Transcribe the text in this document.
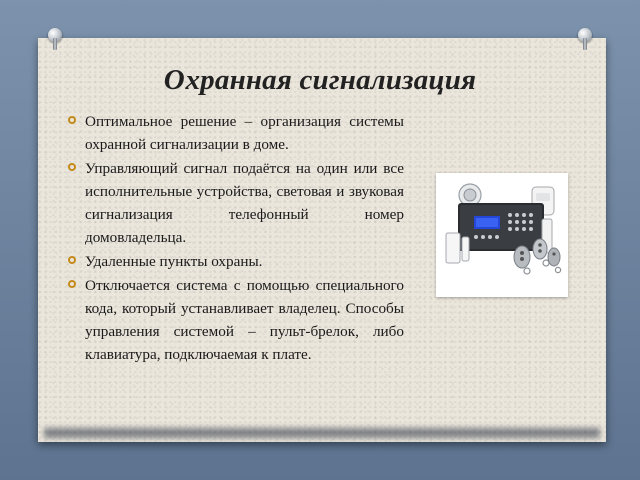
Охранная сигнализация
Оптимальное решение – организация системы охранной сигнализации в доме.
Управляющий сигнал подаётся на один или все исполнительные устройства, световая и звуковая сигнализация телефонный номер домовладельца.
Удаленные пункты охраны.
Отключается система с помощью специального кода, который устанавливает владелец. Способы управления системой – пульт-брелок, либо клавиатура, подключаемая к плате.
